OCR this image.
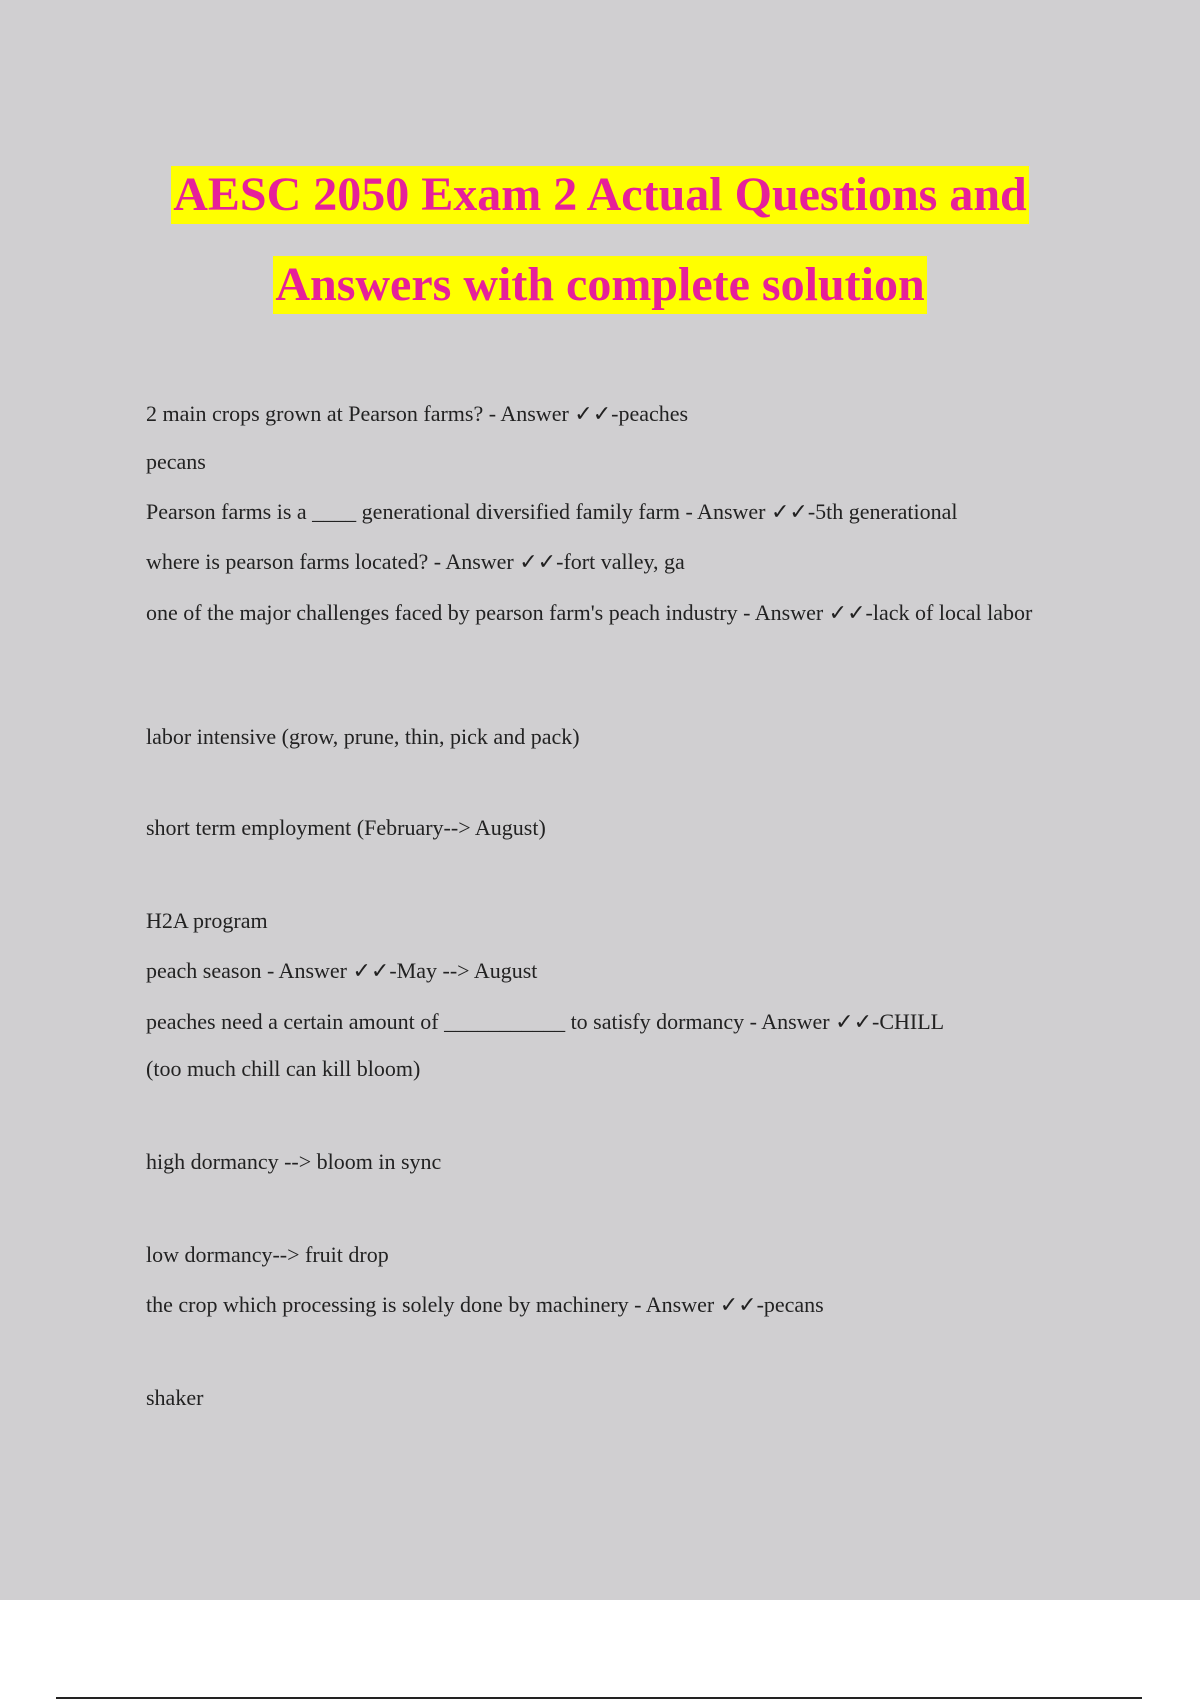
AESC 2050 Exam 2 Actual Questions and
Answers with complete solution
2 main crops grown at Pearson farms? - Answer ✓✓-peaches
pecans
Pearson farms is a ____ generational diversified family farm - Answer ✓✓-5th generational
where is pearson farms located? - Answer ✓✓-fort valley, ga
one of the major challenges faced by pearson farm's peach industry - Answer ✓✓-lack of local labor
labor intensive (grow, prune, thin, pick and pack)
short term employment (February--> August)
H2A program
peach season - Answer ✓✓-May --> August
peaches need a certain amount of ___________ to satisfy dormancy - Answer ✓✓-CHILL
(too much chill can kill bloom)
high dormancy --> bloom in sync
low dormancy--> fruit drop
the crop which processing is solely done by machinery - Answer ✓✓-pecans
shaker
